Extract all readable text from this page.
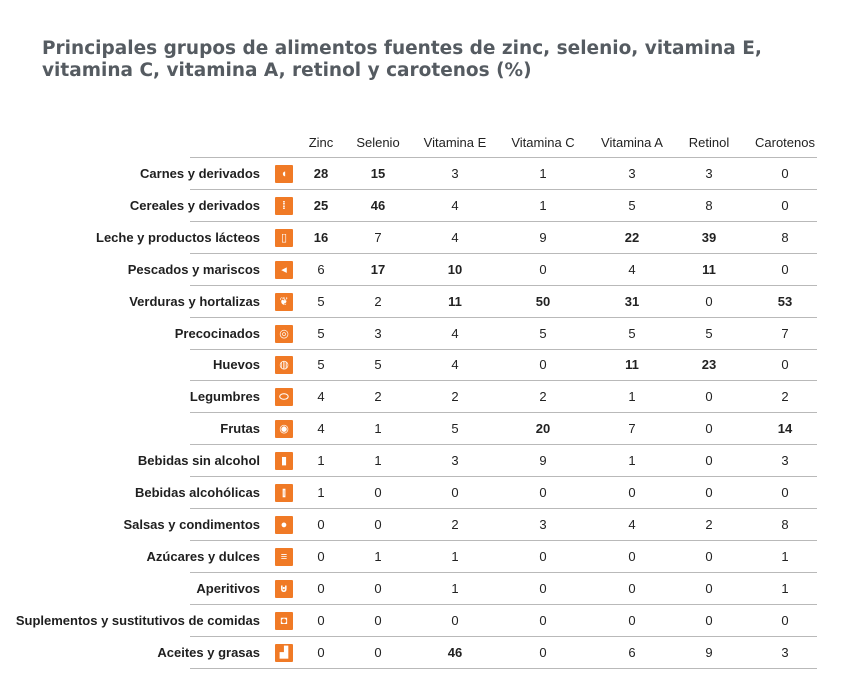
Principales grupos de alimentos fuentes de zinc, selenio, vitamina E,
vitamina C, vitamina A, retinol y carotenos (%)
Zinc	Selenio	Vitamina E	Vitamina C	Vitamina A	Retinol	Carotenos
Carnes y derivados	◖	28	15	3	1	3	3	0
Cereales y derivados	⁞	25	46	4	1	5	8	0
Leche y productos lácteos	▯	16	7	4	9	22	39	8
Pescados y mariscos	◂	6	17	10	0	4	11	0
Verduras y hortalizas	❦	5	2	11	50	31	0	53
Precocinados	◎	5	3	4	5	5	5	7
Huevos	◍	5	5	4	0	11	23	0
Legumbres	⬭	4	2	2	2	1	0	2
Frutas	◉	4	1	5	20	7	0	14
Bebidas sin alcohol	▮	1	1	3	9	1	0	3
Bebidas alcohólicas	⫾	1	0	0	0	0	0	0
Salsas y condimentos	●	0	0	2	3	4	2	8
Azúcares y dulces	≡	0	1	1	0	0	0	1
Aperitivos	⊍	0	0	1	0	0	0	1
Suplementos y sustitutivos de comidas	◘	0	0	0	0	0	0	0
Aceites y grasas	▟	0	0	46	0	6	9	3
